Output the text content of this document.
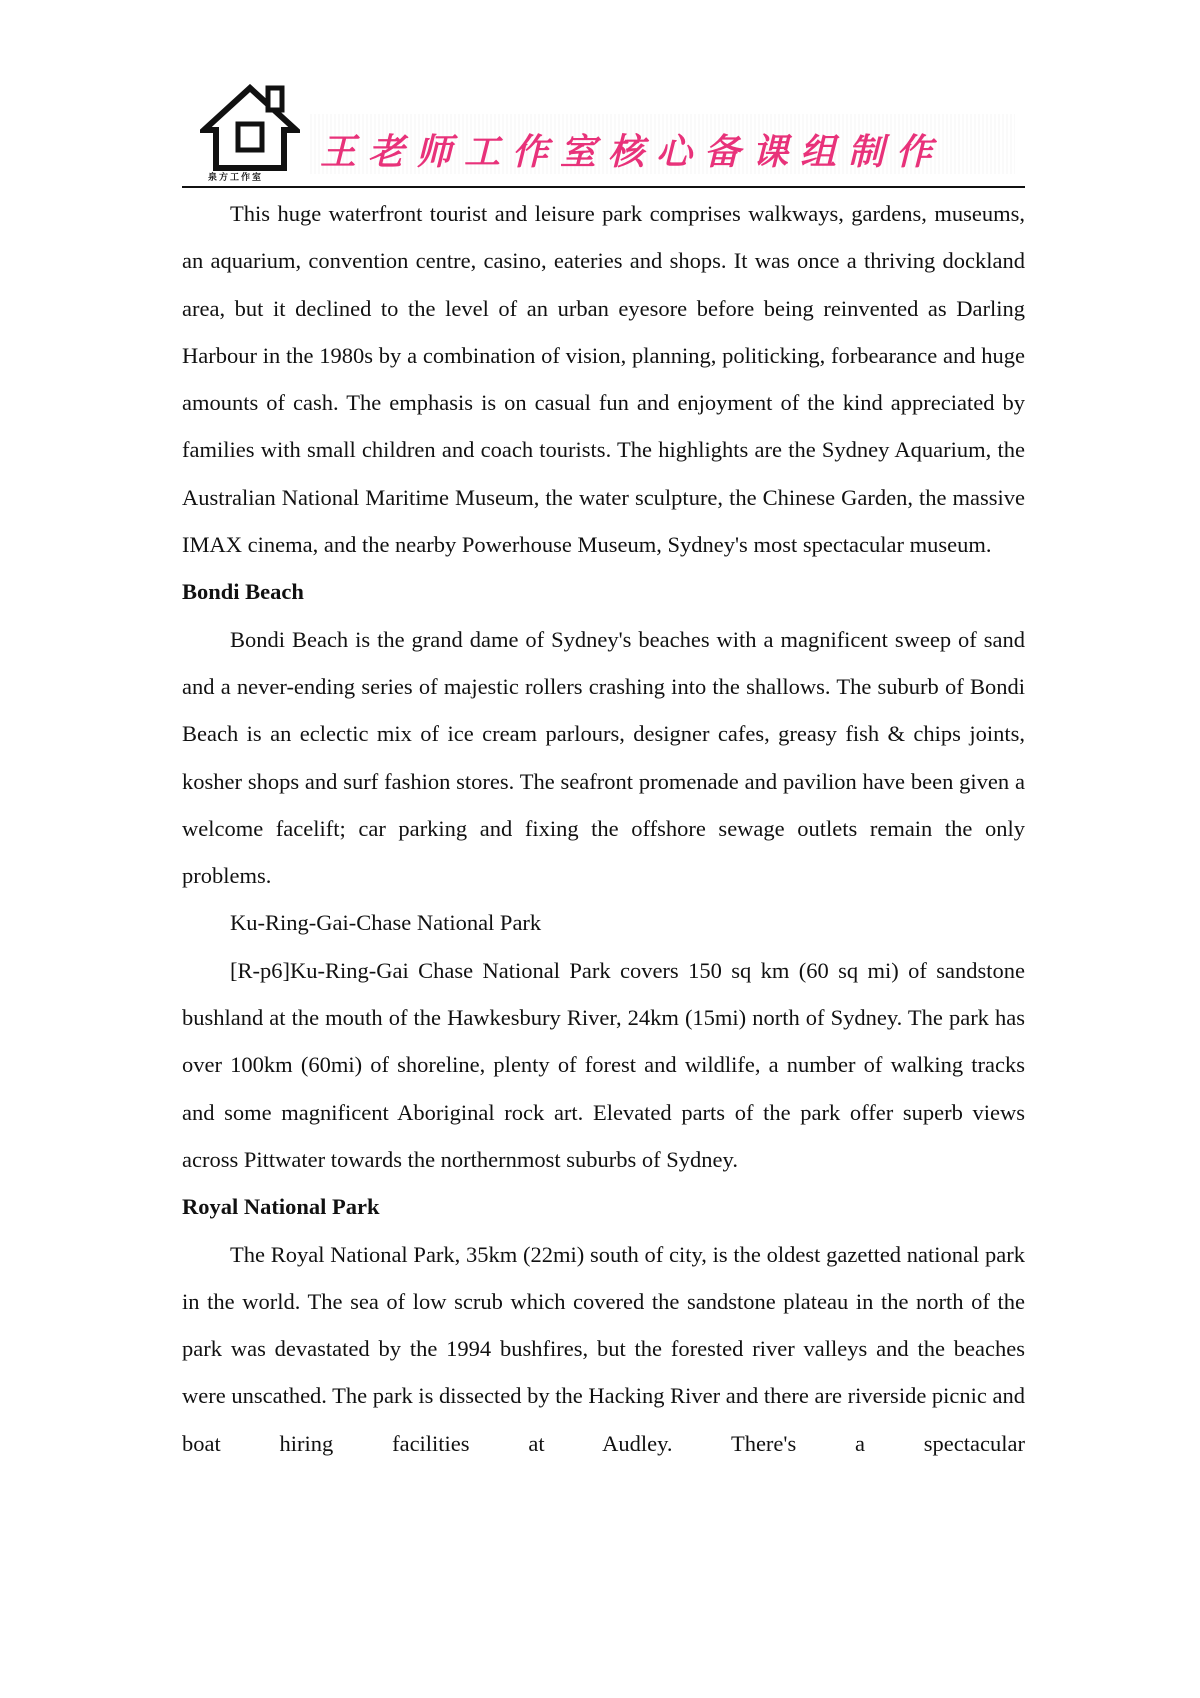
泉方工作室
王老师工作室核心备课组制作

This huge waterfront tourist and leisure park comprises walkways, gardens, museums, an aquarium, convention centre, casino, eateries and shops. It was once a thriving dockland area, but it declined to the level of an urban eyesore before being reinvented as Darling Harbour in the 1980s by a combination of vision, planning, politicking, forbearance and huge amounts of cash. The emphasis is on casual fun and enjoyment of the kind appreciated by families with small children and coach tourists. The highlights are the Sydney Aquarium, the Australian National Maritime Museum, the water sculpture, the Chinese Garden, the massive IMAX cinema, and the nearby Powerhouse Museum, Sydney's most spectacular museum.

Bondi Beach

Bondi Beach is the grand dame of Sydney's beaches with a magnificent sweep of sand and a never-ending series of majestic rollers crashing into the shallows. The suburb of Bondi Beach is an eclectic mix of ice cream parlours, designer cafes, greasy fish & chips joints, kosher shops and surf fashion stores. The seafront promenade and pavilion have been given a welcome facelift; car parking and fixing the offshore sewage outlets remain the only problems.

Ku-Ring-Gai-Chase National Park

[R-p6]Ku-Ring-Gai Chase National Park covers 150 sq km (60 sq mi) of sandstone bushland at the mouth of the Hawkesbury River, 24km (15mi) north of Sydney. The park has over 100km (60mi) of shoreline, plenty of forest and wildlife, a number of walking tracks and some magnificent Aboriginal rock art. Elevated parts of the park offer superb views across Pittwater towards the northernmost suburbs of Sydney.

Royal National Park

The Royal National Park, 35km (22mi) south of city, is the oldest gazetted national park in the world. The sea of low scrub which covered the sandstone plateau in the north of the park was devastated by the 1994 bushfires, but the forested river valleys and the beaches were unscathed. The park is dissected by the Hacking River and there are riverside picnic and boat hiring facilities at Audley. There's a spectacular
